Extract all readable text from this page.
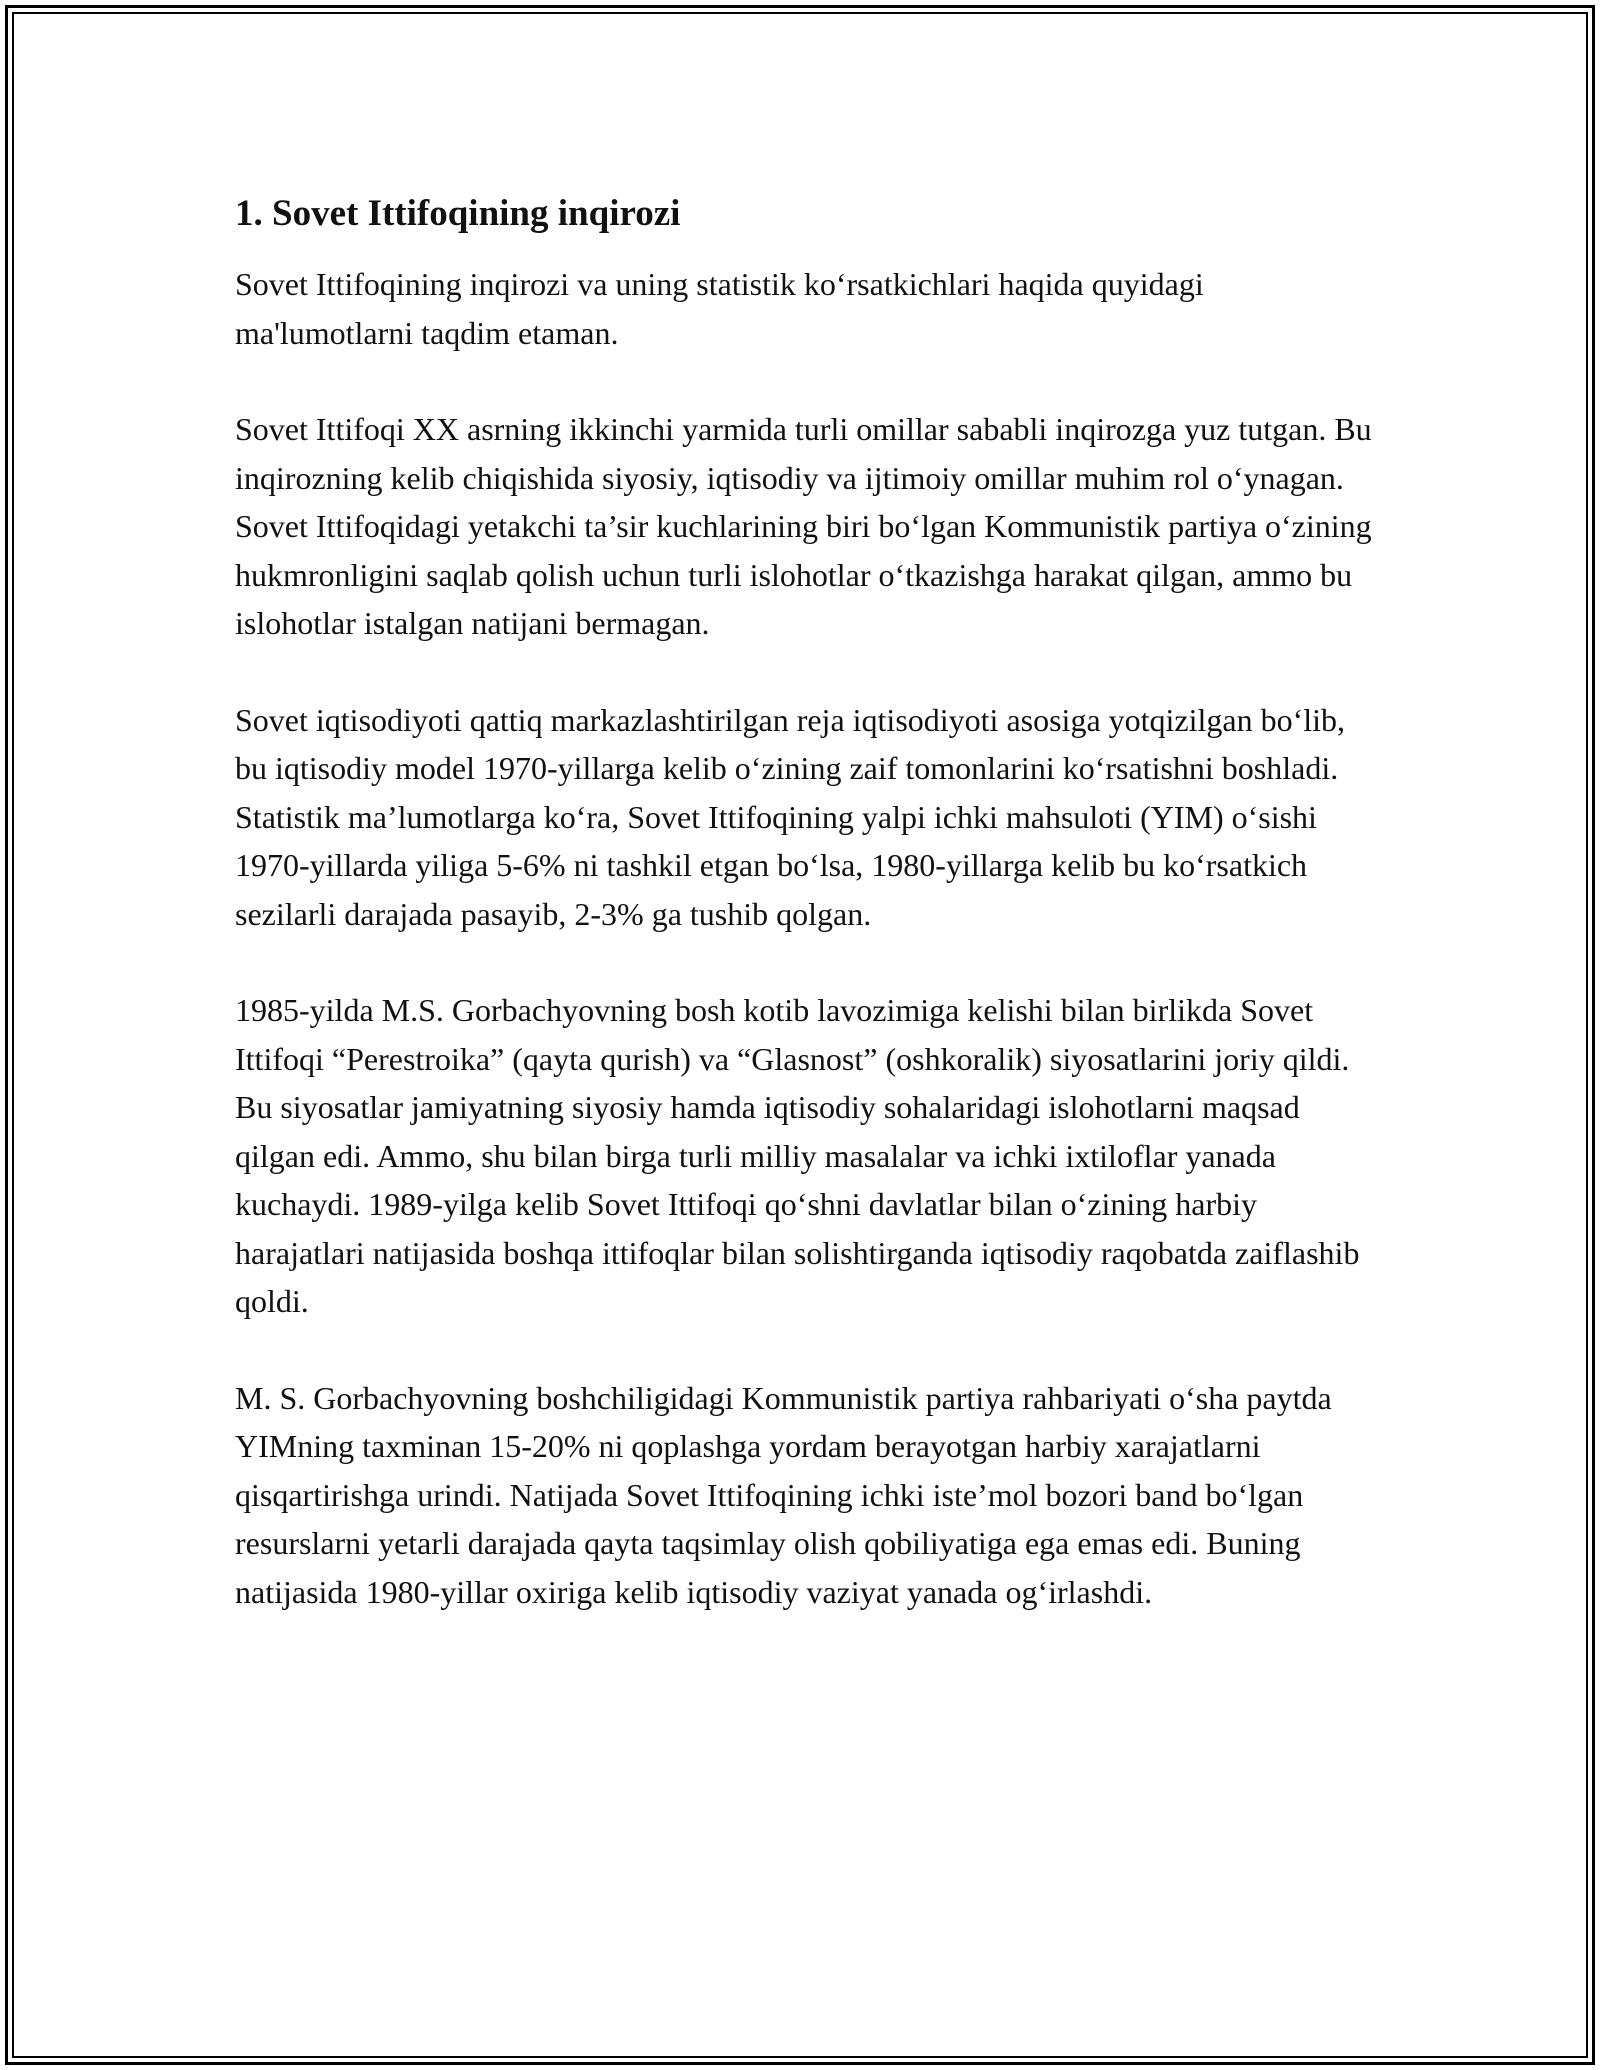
1. Sovet Ittifoqining inqirozi

Sovet Ittifoqining inqirozi va uning statistik ko‘rsatkichlari haqida quyidagi ma'lumotlarni taqdim etaman.

Sovet Ittifoqi XX asrning ikkinchi yarmida turli omillar sababli inqirozga yuz tutgan. Bu inqirozning kelib chiqishida siyosiy, iqtisodiy va ijtimoiy omillar muhim rol o‘ynagan. Sovet Ittifoqidagi yetakchi ta’sir kuchlarining biri bo‘lgan Kommunistik partiya o‘zining hukmronligini saqlab qolish uchun turli islohotlar o‘tkazishga harakat qilgan, ammo bu islohotlar istalgan natijani bermagan.

Sovet iqtisodiyoti qattiq markazlashtirilgan reja iqtisodiyoti asosiga yotqizilgan bo‘lib, bu iqtisodiy model 1970-yillarga kelib o‘zining zaif tomonlarini ko‘rsatishni boshladi. Statistik ma’lumotlarga ko‘ra, Sovet Ittifoqining yalpi ichki mahsuloti (YIM) o‘sishi 1970-yillarda yiliga 5-6% ni tashkil etgan bo‘lsa, 1980-yillarga kelib bu ko‘rsatkich sezilarli darajada pasayib, 2-3% ga tushib qolgan.

1985-yilda M.S. Gorbachyovning bosh kotib lavozimiga kelishi bilan birlikda Sovet Ittifoqi “Perestroika” (qayta qurish) va “Glasnost” (oshkoralik) siyosatlarini joriy qildi. Bu siyosatlar jamiyatning siyosiy hamda iqtisodiy sohalaridagi islohotlarni maqsad qilgan edi. Ammo, shu bilan birga turli milliy masalalar va ichki ixtiloflar yanada kuchaydi. 1989-yilga kelib Sovet Ittifoqi qo‘shni davlatlar bilan o‘zining harbiy harajatlari natijasida boshqa ittifoqlar bilan solishtirganda iqtisodiy raqobatda zaiflashib qoldi.

M. S. Gorbachyovning boshchiligidagi Kommunistik partiya rahbariyati o‘sha paytda YIMning taxminan 15-20% ni qoplashga yordam berayotgan harbiy xarajatlarni qisqartirishga urindi. Natijada Sovet Ittifoqining ichki iste’mol bozori band bo‘lgan resurslarni yetarli darajada qayta taqsimlay olish qobiliyatiga ega emas edi. Buning natijasida 1980-yillar oxiriga kelib iqtisodiy vaziyat yanada og‘irlashdi.
